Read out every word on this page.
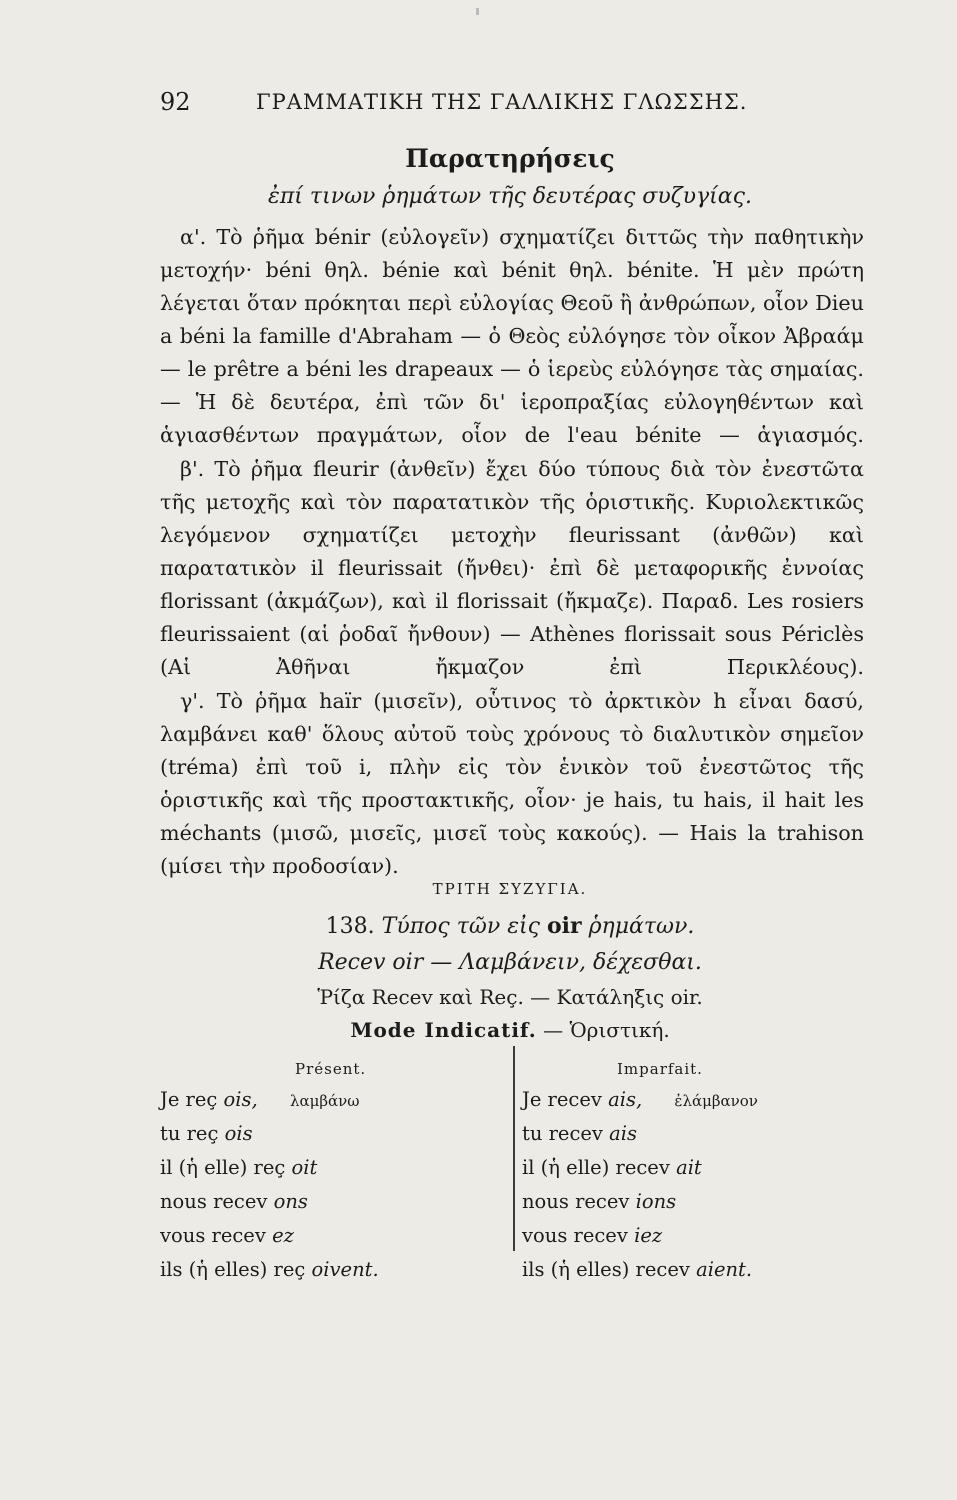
92	ΓΡΑΜΜΑΤΙΚΗ ΤΗΣ ΓΑΛΛΙΚΗΣ ΓΛΩΣΣΗΣ.
Παρατηρήσεις
ἐπί τινων ῥημάτων τῆς δευτέρας συζυγίας.

α'. Τὸ ῥῆμα bénir (εὐλογεῖν) σχηματίζει διττῶς τὴν παθητικὴν μετοχήν· béni θηλ. bénie καὶ bénit θηλ. bénite. Ἡ μὲν πρώτη λέγεται ὅταν πρόκηται περὶ εὐλογίας Θεοῦ ἢ ἀνθρώπων, οἷον Dieu a béni la famille d'Abraham — ὁ Θεὸς εὐλόγησε τὸν οἶκον Ἀβραάμ — le prêtre a béni les drapeaux — ὁ ἱερεὺς εὐλόγησε τὰς σημαίας. — Ἡ δὲ δευτέρα, ἐπὶ τῶν δι' ἱεροπραξίας εὐλογηθέντων καὶ ἁγιασθέντων πραγμάτων, οἷον de l'eau bénite — ἁγιασμός.

β'. Τὸ ῥῆμα fleurir (ἀνθεῖν) ἔχει δύο τύπους διὰ τὸν ἐνεστῶτα τῆς μετοχῆς καὶ τὸν παρατατικὸν τῆς ὁριστικῆς. Κυριολεκτικῶς λεγόμενον σχηματίζει μετοχὴν fleurissant (ἀνθῶν) καὶ παρατατικὸν il fleurissait (ἤνθει)· ἐπὶ δὲ μεταφορικῆς ἐννοίας florissant (ἀκμάζων), καὶ il florissait (ἤκμαζε). Παραδ. Les rosiers fleurissaient (αἱ ῥοδαῖ ἤνθουν) — Athènes florissait sous Périclès (Αἱ Ἀθῆναι ἤκμαζον ἐπὶ Περικλέους).

γ'. Τὸ ῥῆμα haïr (μισεῖν), οὗτινος τὸ ἀρκτικὸν h εἶναι δασύ, λαμβάνει καθ' ὅλους αὐτοῦ τοὺς χρόνους τὸ διαλυτικὸν σημεῖον (tréma) ἐπὶ τοῦ i, πλὴν εἰς τὸν ἑνικὸν τοῦ ἐνεστῶτος τῆς ὁριστικῆς καὶ τῆς προστακτικῆς, οἷον· je hais, tu hais, il hait les méchants (μισῶ, μισεῖς, μισεῖ τοὺς κακούς). — Hais la trahison (μίσει τὴν προδοσίαν).

ΤΡΙΤΗ ΣΥΖΥΓΙΑ.
138. Τύπος τῶν εἰς oir ῥημάτων.
Recev oir — Λαμβάνειν, δέχεσθαι.
Ῥίζα Recev καὶ Reç. — Κατάληξις oir.
Mode Indicatif. — Ὁριστική.
Présent.
Je reç ois, λαμβάνω
tu reç ois
il (ἡ elle) reç oit
nous recev ons
vous recev ez
ils (ἡ elles) reç oivent.
Imparfait.
Je recev ais, ἐλάμβανον
tu recev ais
il (ἡ elle) recev ait
nous recev ions
vous recev iez
ils (ἡ elles) recev aient.
